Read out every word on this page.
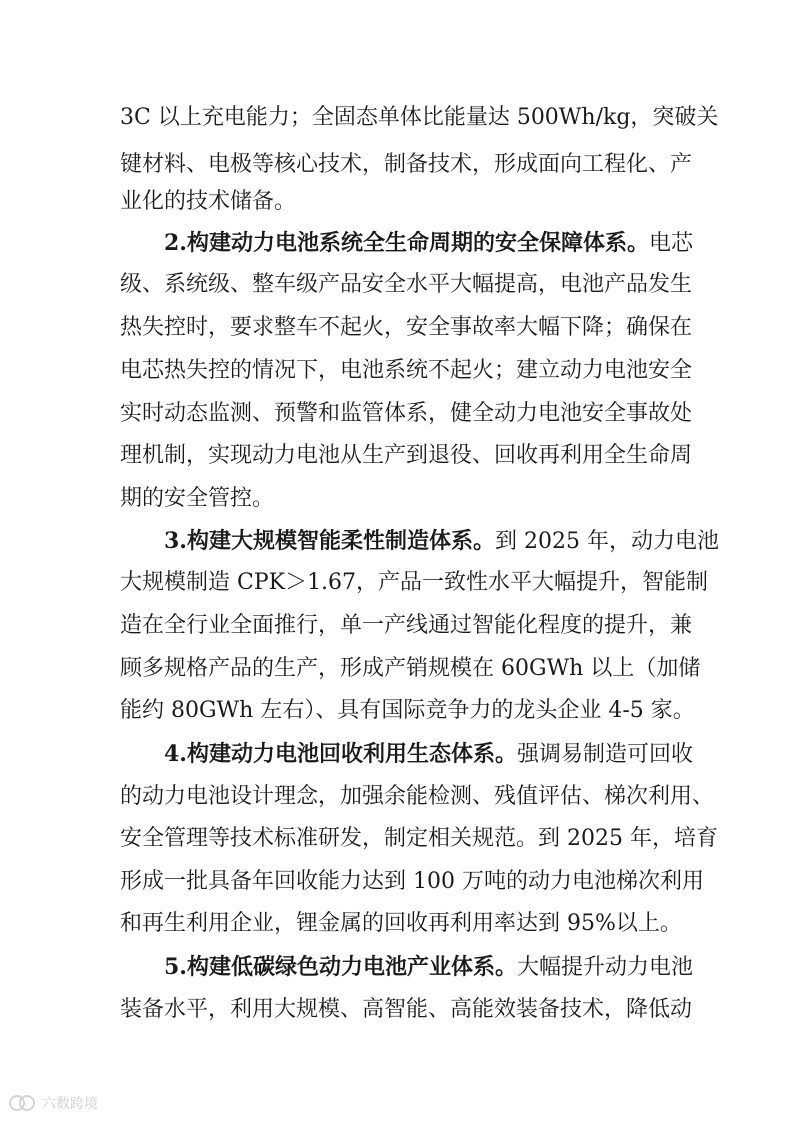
3C 以上充电能力；全固态单体比能量达 500Wh/kg，突破关
键材料、电极等核心技术，制备技术，形成面向工程化、产
业化的技术储备。
2.构建动力电池系统全生命周期的安全保障体系。电芯
级、系统级、整车级产品安全水平大幅提高，电池产品发生
热失控时，要求整车不起火，安全事故率大幅下降；确保在
电芯热失控的情况下，电池系统不起火；建立动力电池安全
实时动态监测、预警和监管体系，健全动力电池安全事故处
理机制，实现动力电池从生产到退役、回收再利用全生命周
期的安全管控。
3.构建大规模智能柔性制造体系。到 2025 年，动力电池
大规模制造 CPK＞1.67，产品一致性水平大幅提升，智能制
造在全行业全面推行，单一产线通过智能化程度的提升，兼
顾多规格产品的生产，形成产销规模在 60GWh 以上（加储
能约 80GWh 左右）、具有国际竞争力的龙头企业 4-5 家。
4.构建动力电池回收利用生态体系。强调易制造可回收
的动力电池设计理念，加强余能检测、残值评估、梯次利用、
安全管理等技术标准研发，制定相关规范。到 2025 年，培育
形成一批具备年回收能力达到 100 万吨的动力电池梯次利用
和再生利用企业，锂金属的回收再利用率达到 95%以上。
5.构建低碳绿色动力电池产业体系。大幅提升动力电池
装备水平，利用大规模、高智能、高能效装备技术，降低动
六数跨境
